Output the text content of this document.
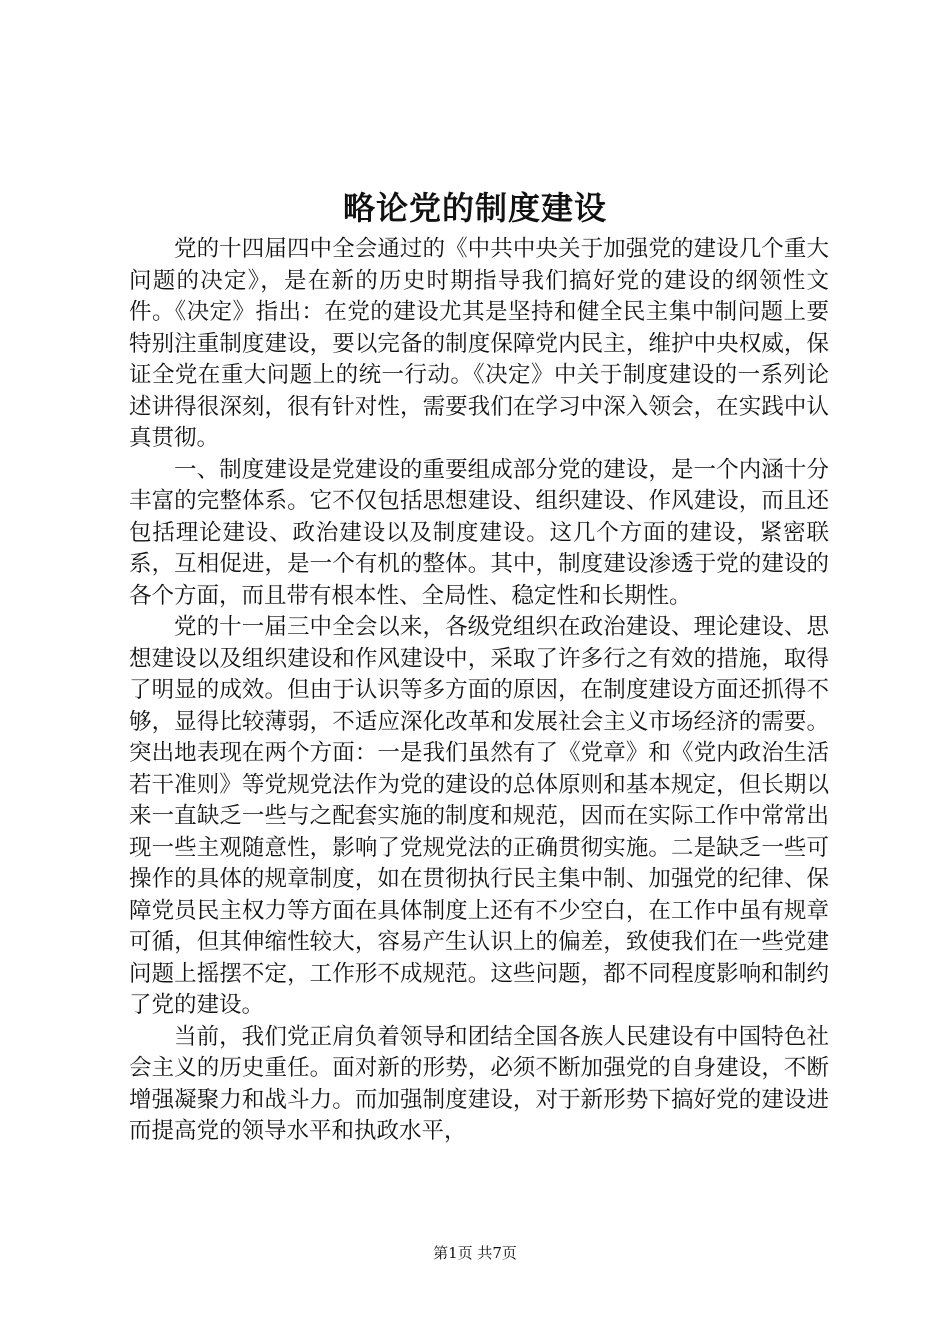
略论党的制度建设

党的十四届四中全会通过的《中共中央关于加强党的建设几个重大问题的决定》，是在新的历史时期指导我们搞好党的建设的纲领性文件。《决定》指出：在党的建设尤其是坚持和健全民主集中制问题上要特别注重制度建设，要以完备的制度保障党内民主，维护中央权威，保证全党在重大问题上的统一行动。《决定》中关于制度建设的一系列论述讲得很深刻，很有针对性，需要我们在学习中深入领会，在实践中认真贯彻。

一、制度建设是党建设的重要组成部分党的建设，是一个内涵十分丰富的完整体系。它不仅包括思想建设、组织建设、作风建设，而且还包括理论建设、政治建设以及制度建设。这几个方面的建设，紧密联系，互相促进，是一个有机的整体。其中，制度建设渗透于党的建设的各个方面，而且带有根本性、全局性、稳定性和长期性。

党的十一届三中全会以来，各级党组织在政治建设、理论建设、思想建设以及组织建设和作风建设中，采取了许多行之有效的措施，取得了明显的成效。但由于认识等多方面的原因，在制度建设方面还抓得不够，显得比较薄弱，不适应深化改革和发展社会主义市场经济的需要。突出地表现在两个方面：一是我们虽然有了《党章》和《党内政治生活若干准则》等党规党法作为党的建设的总体原则和基本规定，但长期以来一直缺乏一些与之配套实施的制度和规范，因而在实际工作中常常出现一些主观随意性，影响了党规党法的正确贯彻实施。二是缺乏一些可操作的具体的规章制度，如在贯彻执行民主集中制、加强党的纪律、保障党员民主权力等方面在具体制度上还有不少空白，在工作中虽有规章可循，但其伸缩性较大，容易产生认识上的偏差，致使我们在一些党建问题上摇摆不定，工作形不成规范。这些问题，都不同程度影响和制约了党的建设。

当前，我们党正肩负着领导和团结全国各族人民建设有中国特色社会主义的历史重任。面对新的形势，必须不断加强党的自身建设，不断增强凝聚力和战斗力。而加强制度建设，对于新形势下搞好党的建设进而提高党的领导水平和执政水平，

第1页 共7页
